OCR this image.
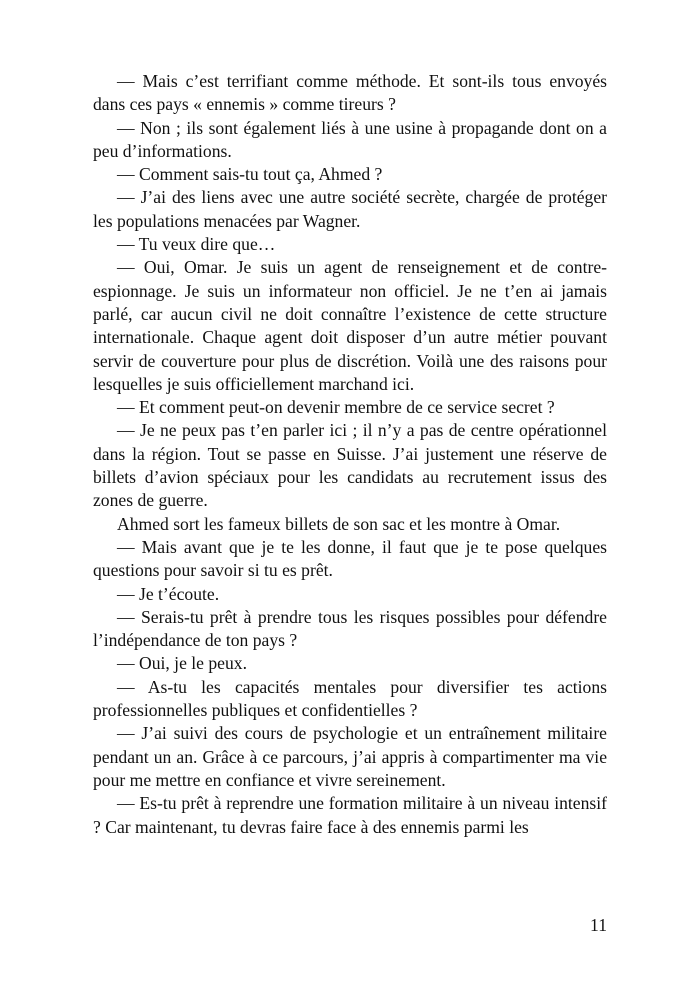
— Mais c’est terrifiant comme méthode. Et sont-ils tous envoyés dans ces pays « ennemis » comme tireurs ?

— Non ; ils sont également liés à une usine à propagande dont on a peu d’informations.

— Comment sais-tu tout ça, Ahmed ?

— J’ai des liens avec une autre société secrète, chargée de protéger les populations menacées par Wagner.

— Tu veux dire que…

— Oui, Omar. Je suis un agent de renseignement et de contre-espionnage. Je suis un informateur non officiel. Je ne t’en ai jamais parlé, car aucun civil ne doit connaître l’existence de cette structure internationale. Chaque agent doit disposer d’un autre métier pouvant servir de couverture pour plus de discrétion. Voilà une des raisons pour lesquelles je suis officiellement marchand ici.

— Et comment peut-on devenir membre de ce service secret ?

— Je ne peux pas t’en parler ici ; il n’y a pas de centre opérationnel dans la région. Tout se passe en Suisse. J’ai justement une réserve de billets d’avion spéciaux pour les candidats au recrutement issus des zones de guerre.

Ahmed sort les fameux billets de son sac et les montre à Omar.

— Mais avant que je te les donne, il faut que je te pose quelques questions pour savoir si tu es prêt.

— Je t’écoute.

— Serais-tu prêt à prendre tous les risques possibles pour défendre l’indépendance de ton pays ?

— Oui, je le peux.

— As-tu les capacités mentales pour diversifier tes actions professionnelles publiques et confidentielles ?

— J’ai suivi des cours de psychologie et un entraînement militaire pendant un an. Grâce à ce parcours, j’ai appris à compartimenter ma vie pour me mettre en confiance et vivre sereinement.

— Es-tu prêt à reprendre une formation militaire à un niveau intensif ? Car maintenant, tu devras faire face à des ennemis parmi les

11
